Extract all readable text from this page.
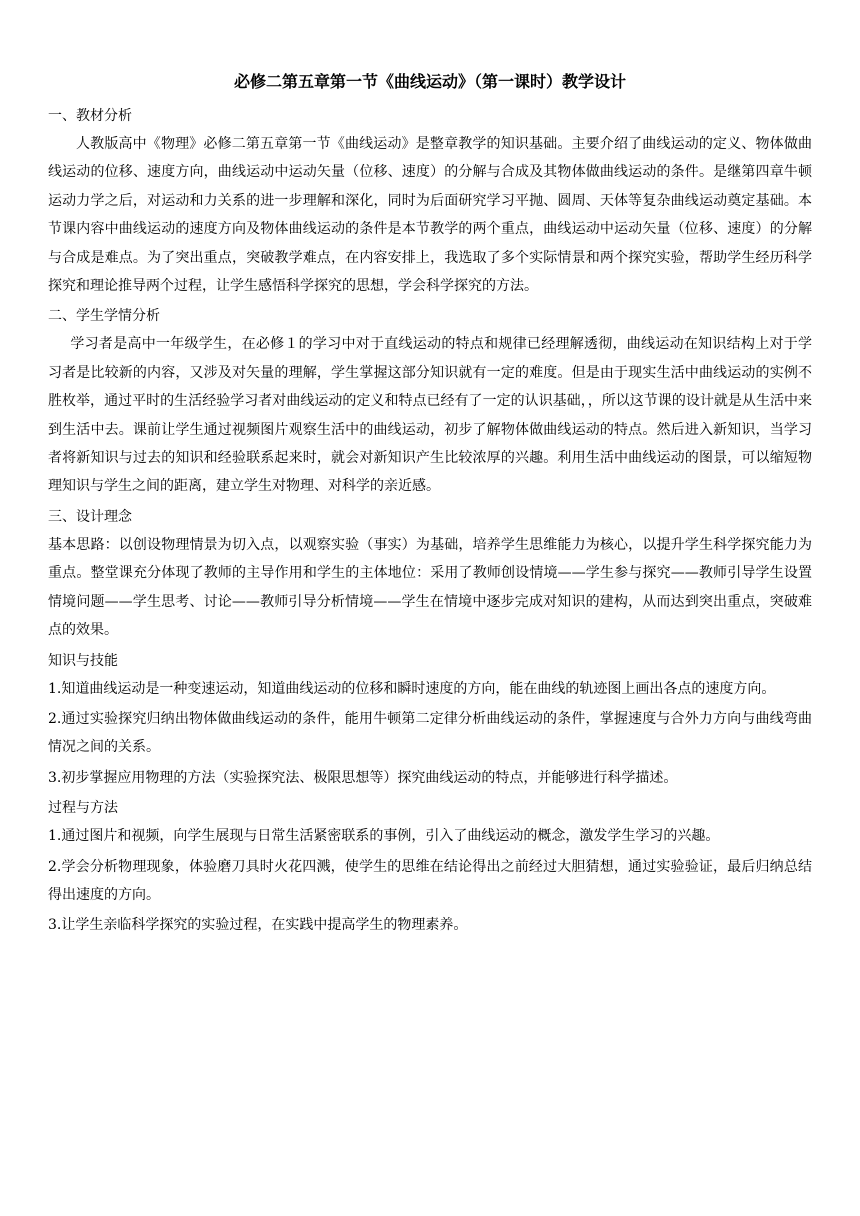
必修二第五章第一节《曲线运动》（第一课时）教学设计

一、教材分析

人教版高中《物理》必修二第五章第一节《曲线运动》是整章教学的知识基础。主要介绍了曲线运动的定义、物体做曲线运动的位移、速度方向，曲线运动中运动矢量（位移、速度）的分解与合成及其物体做曲线运动的条件。是继第四章牛顿运动力学之后，对运动和力关系的进一步理解和深化，同时为后面研究学习平抛、圆周、天体等复杂曲线运动奠定基础。本节课内容中曲线运动的速度方向及物体曲线运动的条件是本节教学的两个重点，曲线运动中运动矢量（位移、速度）的分解与合成是难点。为了突出重点，突破教学难点，在内容安排上，我选取了多个实际情景和两个探究实验，帮助学生经历科学探究和理论推导两个过程，让学生感悟科学探究的思想，学会科学探究的方法。

二、学生学情分析

学习者是高中一年级学生，在必修１的学习中对于直线运动的特点和规律已经理解透彻，曲线运动在知识结构上对于学习者是比较新的内容，又涉及对矢量的理解，学生掌握这部分知识就有一定的难度。但是由于现实生活中曲线运动的实例不胜枚举，通过平时的生活经验学习者对曲线运动的定义和特点已经有了一定的认识基础，，所以这节课的设计就是从生活中来到生活中去。课前让学生通过视频图片观察生活中的曲线运动，初步了解物体做曲线运动的特点。然后进入新知识，当学习者将新知识与过去的知识和经验联系起来时，就会对新知识产生比较浓厚的兴趣。利用生活中曲线运动的图景，可以缩短物理知识与学生之间的距离，建立学生对物理、对科学的亲近感。

三、设计理念

基本思路：以创设物理情景为切入点，以观察实验（事实）为基础，培养学生思维能力为核心，以提升学生科学探究能力为重点。整堂课充分体现了教师的主导作用和学生的主体地位：采用了教师创设情境——学生参与探究——教师引导学生设置情境问题——学生思考、讨论——教师引导分析情境——学生在情境中逐步完成对知识的建构，从而达到突出重点，突破难点的效果。

知识与技能

1.知道曲线运动是一种变速运动，知道曲线运动的位移和瞬时速度的方向，能在曲线的轨迹图上画出各点的速度方向。

2.通过实验探究归纳出物体做曲线运动的条件，能用牛顿第二定律分析曲线运动的条件，掌握速度与合外力方向与曲线弯曲情况之间的关系。

3.初步掌握应用物理的方法（实验探究法、极限思想等）探究曲线运动的特点，并能够进行科学描述。

过程与方法

1.通过图片和视频，向学生展现与日常生活紧密联系的事例，引入了曲线运动的概念，激发学生学习的兴趣。

2.学会分析物理现象，体验磨刀具时火花四溅，使学生的思维在结论得出之前经过大胆猜想，通过实验验证，最后归纳总结得出速度的方向。

3.让学生亲临科学探究的实验过程，在实践中提高学生的物理素养。
